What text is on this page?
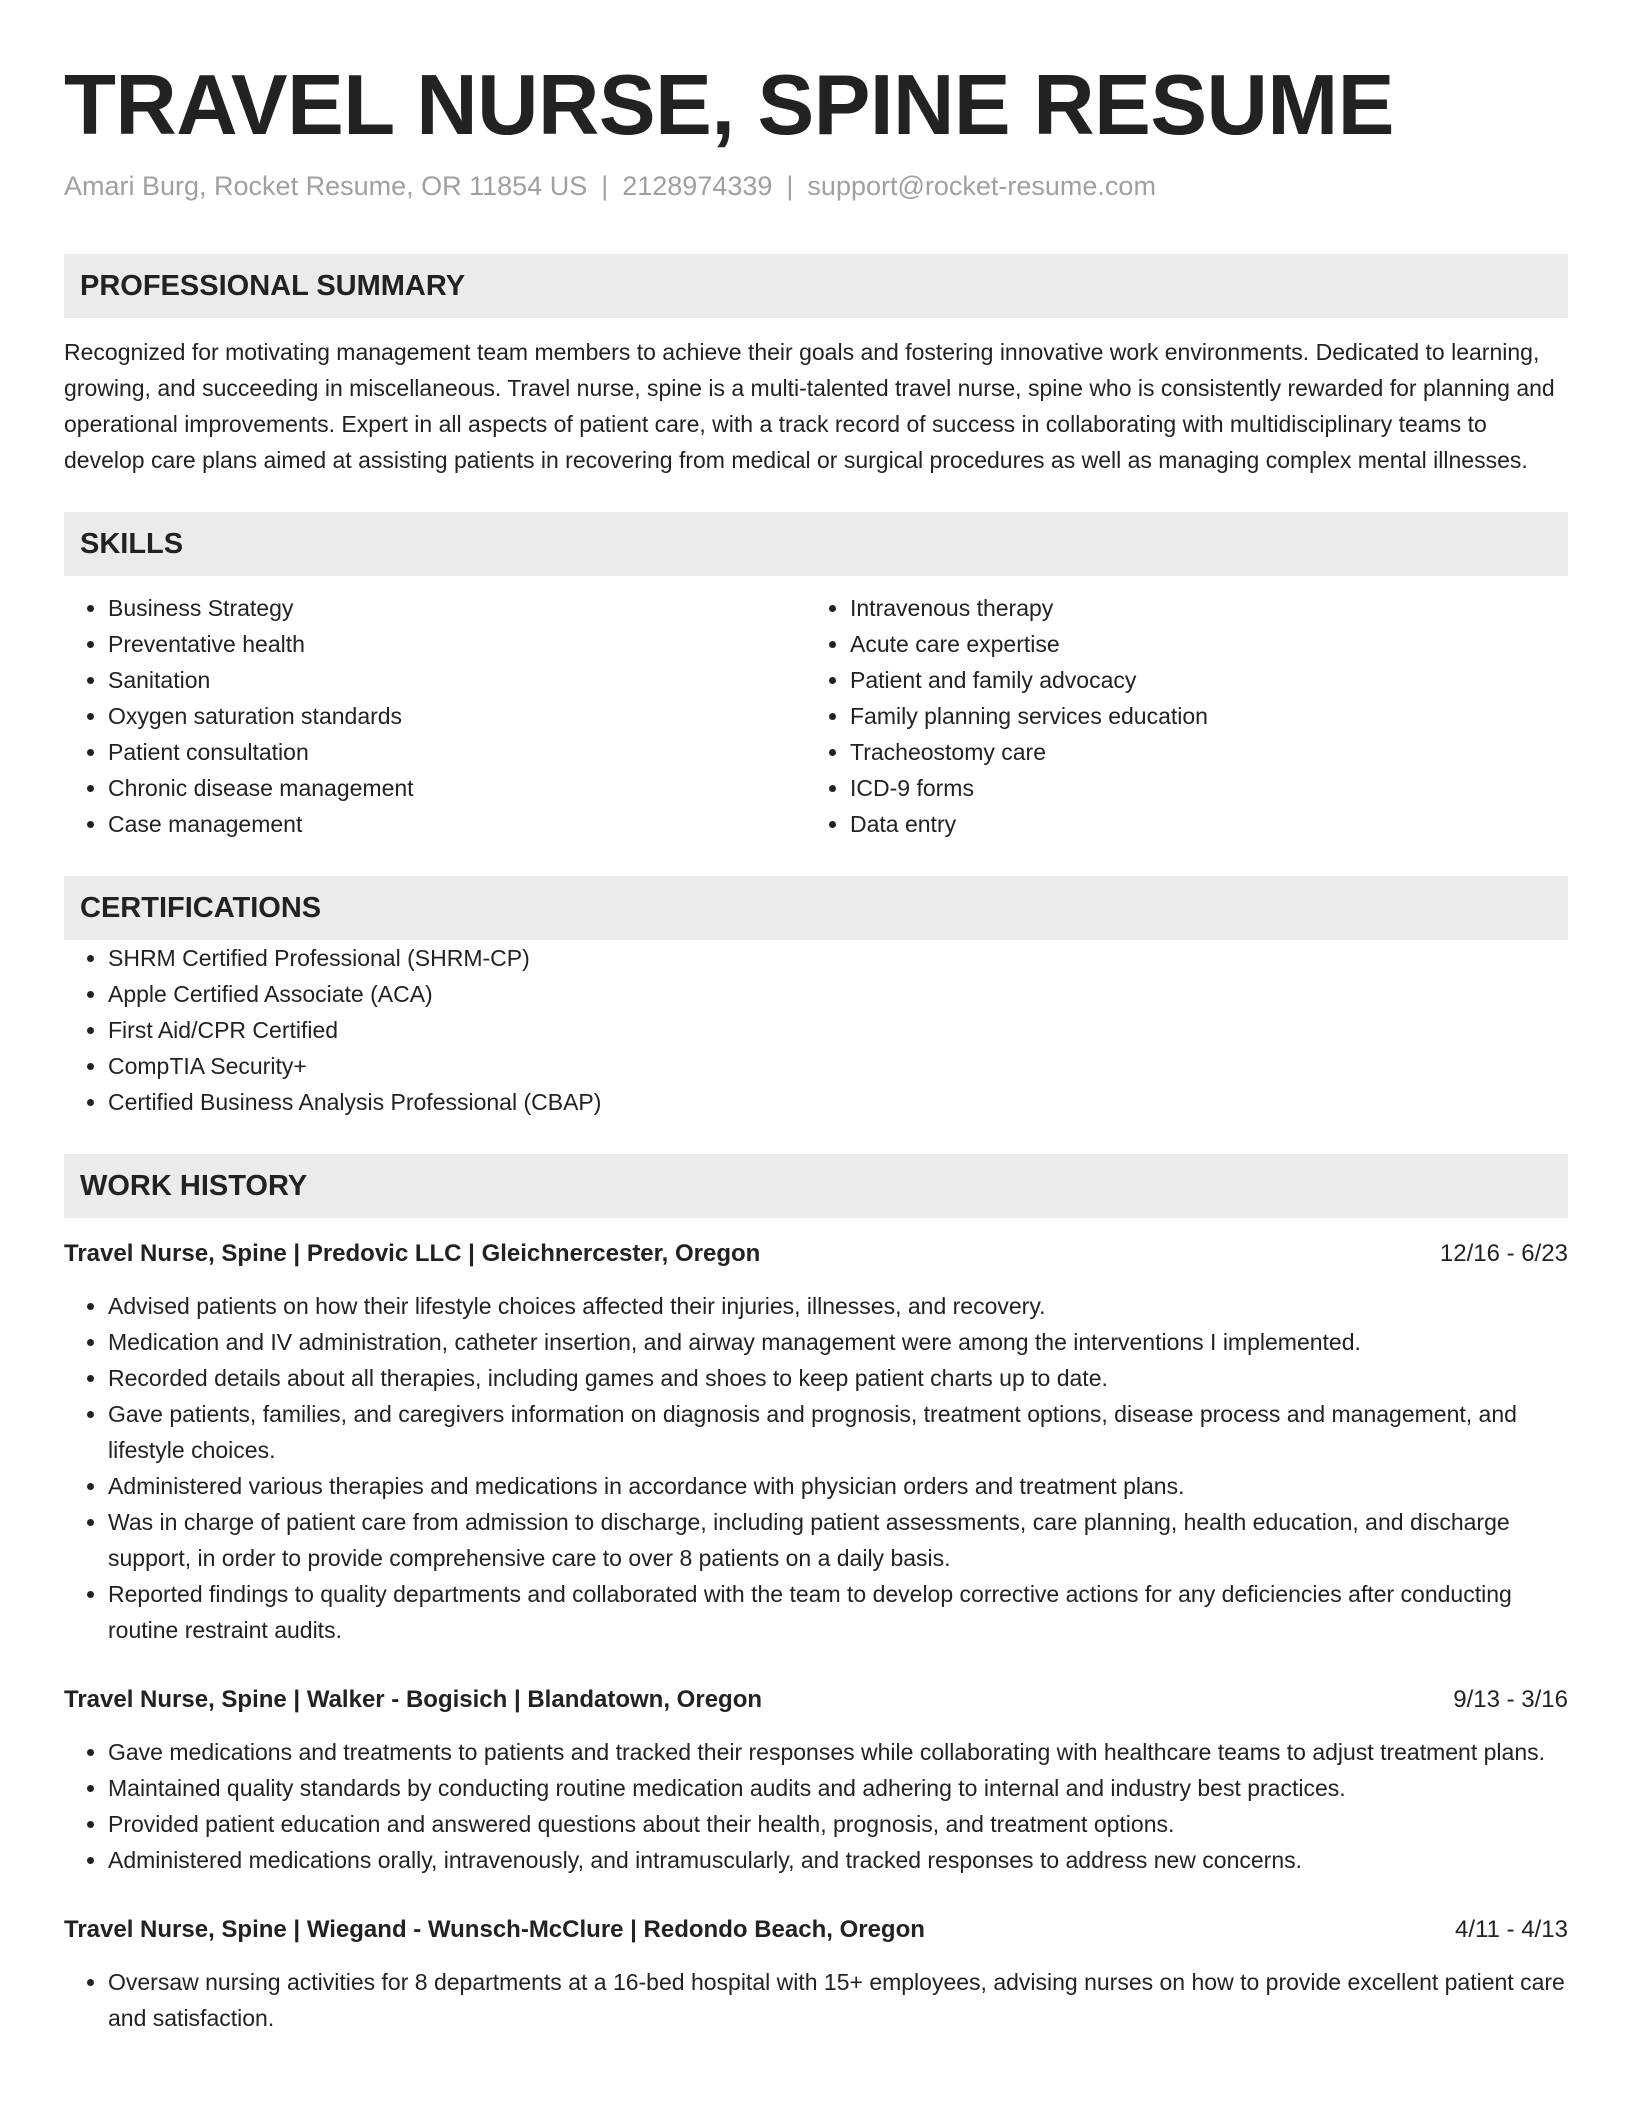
TRAVEL NURSE, SPINE RESUME
Amari Burg, Rocket Resume, OR 11854 US | 2128974339 | support@rocket-resume.com
PROFESSIONAL SUMMARY
Recognized for motivating management team members to achieve their goals and fostering innovative work environments. Dedicated to learning, growing, and succeeding in miscellaneous. Travel nurse, spine is a multi-talented travel nurse, spine who is consistently rewarded for planning and operational improvements. Expert in all aspects of patient care, with a track record of success in collaborating with multidisciplinary teams to develop care plans aimed at assisting patients in recovering from medical or surgical procedures as well as managing complex mental illnesses.
SKILLS
• Business Strategy
• Preventative health
• Sanitation
• Oxygen saturation standards
• Patient consultation
• Chronic disease management
• Case management
• Intravenous therapy
• Acute care expertise
• Patient and family advocacy
• Family planning services education
• Tracheostomy care
• ICD-9 forms
• Data entry
CERTIFICATIONS
• SHRM Certified Professional (SHRM-CP)
• Apple Certified Associate (ACA)
• First Aid/CPR Certified
• CompTIA Security+
• Certified Business Analysis Professional (CBAP)
WORK HISTORY
Travel Nurse, Spine | Predovic LLC | Gleichnercester, Oregon	12/16 - 6/23
• Advised patients on how their lifestyle choices affected their injuries, illnesses, and recovery.
• Medication and IV administration, catheter insertion, and airway management were among the interventions I implemented.
• Recorded details about all therapies, including games and shoes to keep patient charts up to date.
• Gave patients, families, and caregivers information on diagnosis and prognosis, treatment options, disease process and management, and lifestyle choices.
• Administered various therapies and medications in accordance with physician orders and treatment plans.
• Was in charge of patient care from admission to discharge, including patient assessments, care planning, health education, and discharge support, in order to provide comprehensive care to over 8 patients on a daily basis.
• Reported findings to quality departments and collaborated with the team to develop corrective actions for any deficiencies after conducting routine restraint audits.
Travel Nurse, Spine | Walker - Bogisich | Blandatown, Oregon	9/13 - 3/16
• Gave medications and treatments to patients and tracked their responses while collaborating with healthcare teams to adjust treatment plans.
• Maintained quality standards by conducting routine medication audits and adhering to internal and industry best practices.
• Provided patient education and answered questions about their health, prognosis, and treatment options.
• Administered medications orally, intravenously, and intramuscularly, and tracked responses to address new concerns.
Travel Nurse, Spine | Wiegand - Wunsch-McClure | Redondo Beach, Oregon	4/11 - 4/13
• Oversaw nursing activities for 8 departments at a 16-bed hospital with 15+ employees, advising nurses on how to provide excellent patient care and satisfaction.
